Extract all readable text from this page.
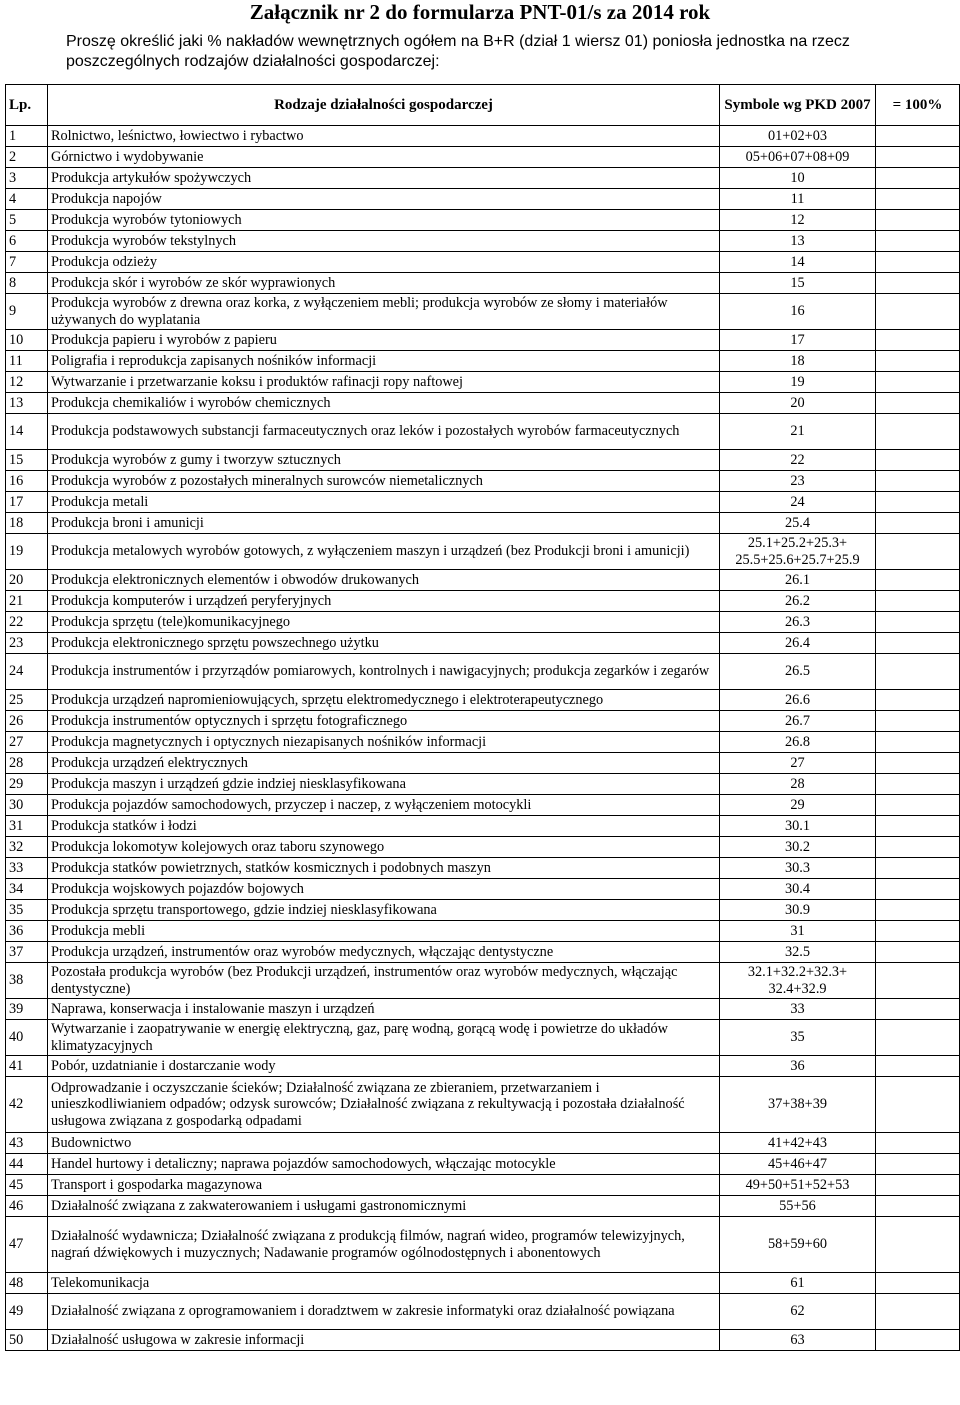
Załącznik nr 2 do formularza PNT-01/s za 2014 rok
Proszę określić jaki % nakładów wewnętrznych ogółem na B+R (dział 1 wiersz 01) poniosła jednostka na rzecz poszczególnych rodzajów działalności gospodarczej:
Lp.	Rodzaje działalności gospodarczej	Symbole wg PKD 2007	= 100%
1	Rolnictwo, leśnictwo, łowiectwo i rybactwo	01+02+03	
2	Górnictwo i wydobywanie	05+06+07+08+09	
3	Produkcja artykułów spożywczych	10	
4	Produkcja napojów	11	
5	Produkcja wyrobów tytoniowych	12	
6	Produkcja wyrobów tekstylnych	13	
7	Produkcja odzieży	14	
8	Produkcja skór i wyrobów ze skór wyprawionych	15	
9	Produkcja wyrobów z drewna oraz korka, z wyłączeniem mebli; produkcja wyrobów ze słomy i materiałów używanych do wyplatania	16	
10	Produkcja papieru i wyrobów z papieru	17	
11	Poligrafia i reprodukcja zapisanych nośników informacji	18	
12	Wytwarzanie i przetwarzanie koksu i produktów rafinacji ropy naftowej	19	
13	Produkcja chemikaliów i wyrobów chemicznych	20	
14	Produkcja podstawowych substancji farmaceutycznych oraz leków i pozostałych wyrobów farmaceutycznych	21	
15	Produkcja wyrobów z gumy i tworzyw sztucznych	22	
16	Produkcja wyrobów z pozostałych mineralnych surowców niemetalicznych	23	
17	Produkcja metali	24	
18	Produkcja broni i amunicji	25.4	
19	Produkcja metalowych wyrobów gotowych, z wyłączeniem maszyn i urządzeń (bez Produkcji broni i amunicji)	25.1+25.2+25.3+ 25.5+25.6+25.7+25.9	
20	Produkcja elektronicznych elementów i obwodów drukowanych	26.1	
21	Produkcja komputerów i urządzeń peryferyjnych	26.2	
22	Produkcja sprzętu (tele)komunikacyjnego	26.3	
23	Produkcja elektronicznego sprzętu powszechnego użytku	26.4	
24	Produkcja instrumentów i przyrządów pomiarowych, kontrolnych i nawigacyjnych; produkcja zegarków i zegarów	26.5	
25	Produkcja urządzeń napromieniowujących, sprzętu elektromedycznego i elektroterapeutycznego	26.6	
26	Produkcja instrumentów optycznych i sprzętu fotograficznego	26.7	
27	Produkcja magnetycznych i optycznych niezapisanych nośników informacji	26.8	
28	Produkcja urządzeń elektrycznych	27	
29	Produkcja maszyn i urządzeń gdzie indziej niesklasyfikowana	28	
30	Produkcja pojazdów samochodowych, przyczep i naczep, z wyłączeniem motocykli	29	
31	Produkcja statków i łodzi	30.1	
32	Produkcja lokomotyw kolejowych oraz taboru szynowego	30.2	
33	Produkcja statków powietrznych, statków kosmicznych i podobnych maszyn	30.3	
34	Produkcja wojskowych pojazdów bojowych	30.4	
35	Produkcja sprzętu transportowego, gdzie indziej niesklasyfikowana	30.9	
36	Produkcja mebli	31	
37	Produkcja urządzeń, instrumentów oraz wyrobów medycznych, włączając dentystyczne	32.5	
38	Pozostała produkcja wyrobów (bez Produkcji urządzeń, instrumentów oraz wyrobów medycznych, włączając dentystyczne)	32.1+32.2+32.3+ 32.4+32.9	
39	Naprawa, konserwacja i instalowanie maszyn i urządzeń	33	
40	Wytwarzanie i zaopatrywanie w energię elektryczną, gaz, parę wodną, gorącą wodę i powietrze do układów klimatyzacyjnych	35	
41	Pobór, uzdatnianie i dostarczanie wody	36	
42	Odprowadzanie i oczyszczanie ścieków; Działalność związana ze zbieraniem, przetwarzaniem i unieszkodliwianiem odpadów; odzysk surowców; Działalność związana z rekultywacją i pozostała działalność usługowa związana z gospodarką odpadami	37+38+39	
43	Budownictwo	41+42+43	
44	Handel hurtowy i detaliczny; naprawa pojazdów samochodowych, włączając motocykle	45+46+47	
45	Transport i gospodarka magazynowa	49+50+51+52+53	
46	Działalność związana z zakwaterowaniem i usługami gastronomicznymi	55+56	
47	Działalność wydawnicza; Działalność związana z produkcją filmów, nagrań wideo, programów telewizyjnych, nagrań dźwiękowych i muzycznych; Nadawanie programów ogólnodostępnych i abonentowych	58+59+60	
48	Telekomunikacja	61	
49	Działalność związana z oprogramowaniem i doradztwem w zakresie informatyki oraz działalność powiązana	62	
50	Działalność usługowa w zakresie informacji	63	
